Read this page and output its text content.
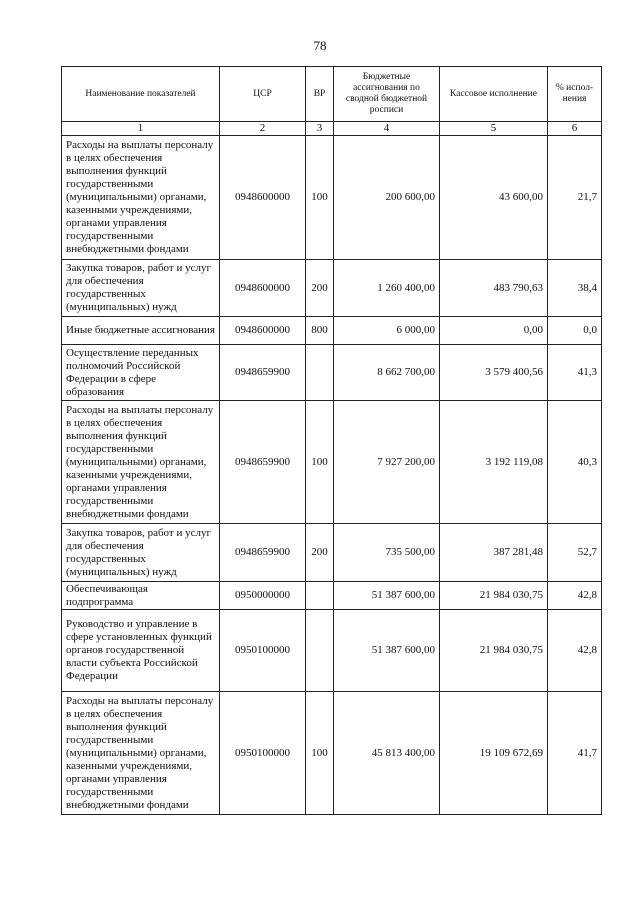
78
Наименование показателей	ЦСР	ВР	Бюджетные ассигнования по сводной бюджетной росписи	Кассовое исполнение	% испол-нения
1	2	3	4	5	6
Расходы на выплаты персоналу в целях обеспечения выполнения функций государственными (муниципальными) органами, казенными учреждениями, органами управления государственными внебюджетными фондами	0948600000	100	200 600,00	43 600,00	21,7
Закупка товаров, работ и услуг для обеспечения государственных (муниципальных) нужд	0948600000	200	1 260 400,00	483 790,63	38,4
Иные бюджетные ассигнования	0948600000	800	6 000,00	0,00	0,0
Осуществление переданных полномочий Российской Федерации в сфере образования	0948659900		8 662 700,00	3 579 400,56	41,3
Расходы на выплаты персоналу в целях обеспечения выполнения функций государственными (муниципальными) органами, казенными учреждениями, органами управления государственными внебюджетными фондами	0948659900	100	7 927 200,00	3 192 119,08	40,3
Закупка товаров, работ и услуг для обеспечения государственных (муниципальных) нужд	0948659900	200	735 500,00	387 281,48	52,7
Обеспечивающая подпрограмма	0950000000		51 387 600,00	21 984 030,75	42,8
Руководство и управление в сфере установленных функций органов государственной власти субъекта Российской Федерации	0950100000		51 387 600,00	21 984 030,75	42,8
Расходы на выплаты персоналу в целях обеспечения выполнения функций государственными (муниципальными) органами, казенными учреждениями, органами управления государственными внебюджетными фондами	0950100000	100	45 813 400,00	19 109 672,69	41,7
